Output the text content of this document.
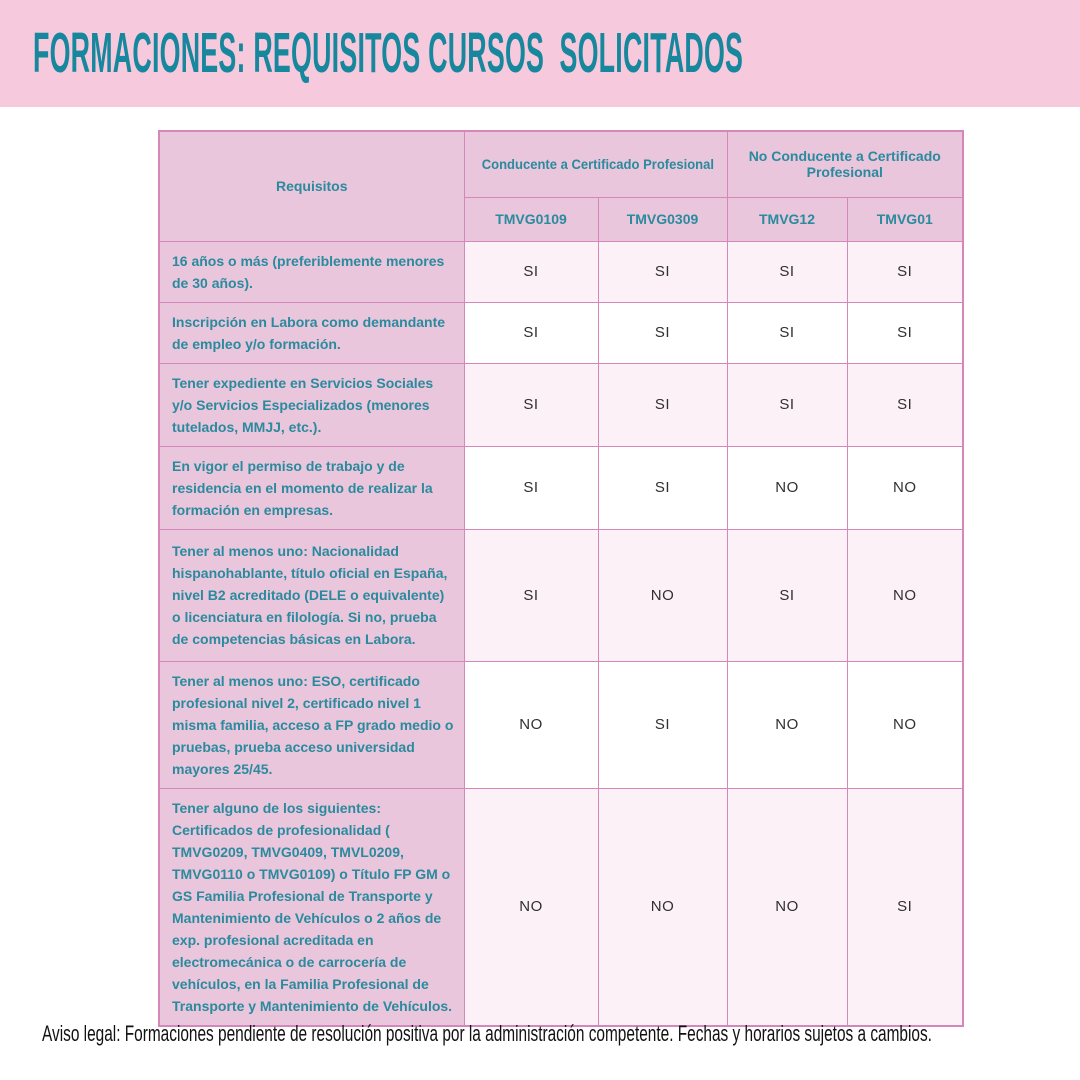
FORMACIONES: REQUISITOS CURSOS  SOLICITADOS
Requisitos	Conducente a Certificado Profesional		No Conducente a Certificado Profesional	
	TMVG0109	TMVG0309	TMVG12	TMVG01
16 años o más (preferiblemente menores de 30 años).	SI	SI	SI	SI
Inscripción en Labora como demandante de empleo y/o formación.	SI	SI	SI	SI
Tener expediente en Servicios Sociales y/o Servicios Especializados (menores tutelados, MMJJ, etc.).	SI	SI	SI	SI
En vigor el permiso de trabajo y de residencia en el momento de realizar la formación en empresas.	SI	SI	NO	NO
Tener al menos uno: Nacionalidad hispanohablante, título oficial en España, nivel B2 acreditado (DELE o equivalente) o licenciatura en filología. Si no, prueba de competencias básicas en Labora.	SI	NO	SI	NO
Tener al menos uno: ESO, certificado profesional nivel 2, certificado nivel 1 misma familia, acceso a FP grado medio o pruebas, prueba acceso universidad mayores 25/45.	NO	SI	NO	NO
Tener alguno de los siguientes: Certificados de profesionalidad ( TMVG0209, TMVG0409, TMVL0209, TMVG0110 o TMVG0109) o Título FP GM o GS Familia Profesional de Transporte y Mantenimiento de Vehículos o 2 años de exp. profesional acreditada en electromecánica o de carrocería de vehículos, en la Familia Profesional de Transporte y Mantenimiento de Vehículos.	NO	NO	NO	SI

Aviso legal: Formaciones pendiente de resolución positiva por la administración competente. Fechas y horarios sujetos a cambios.
